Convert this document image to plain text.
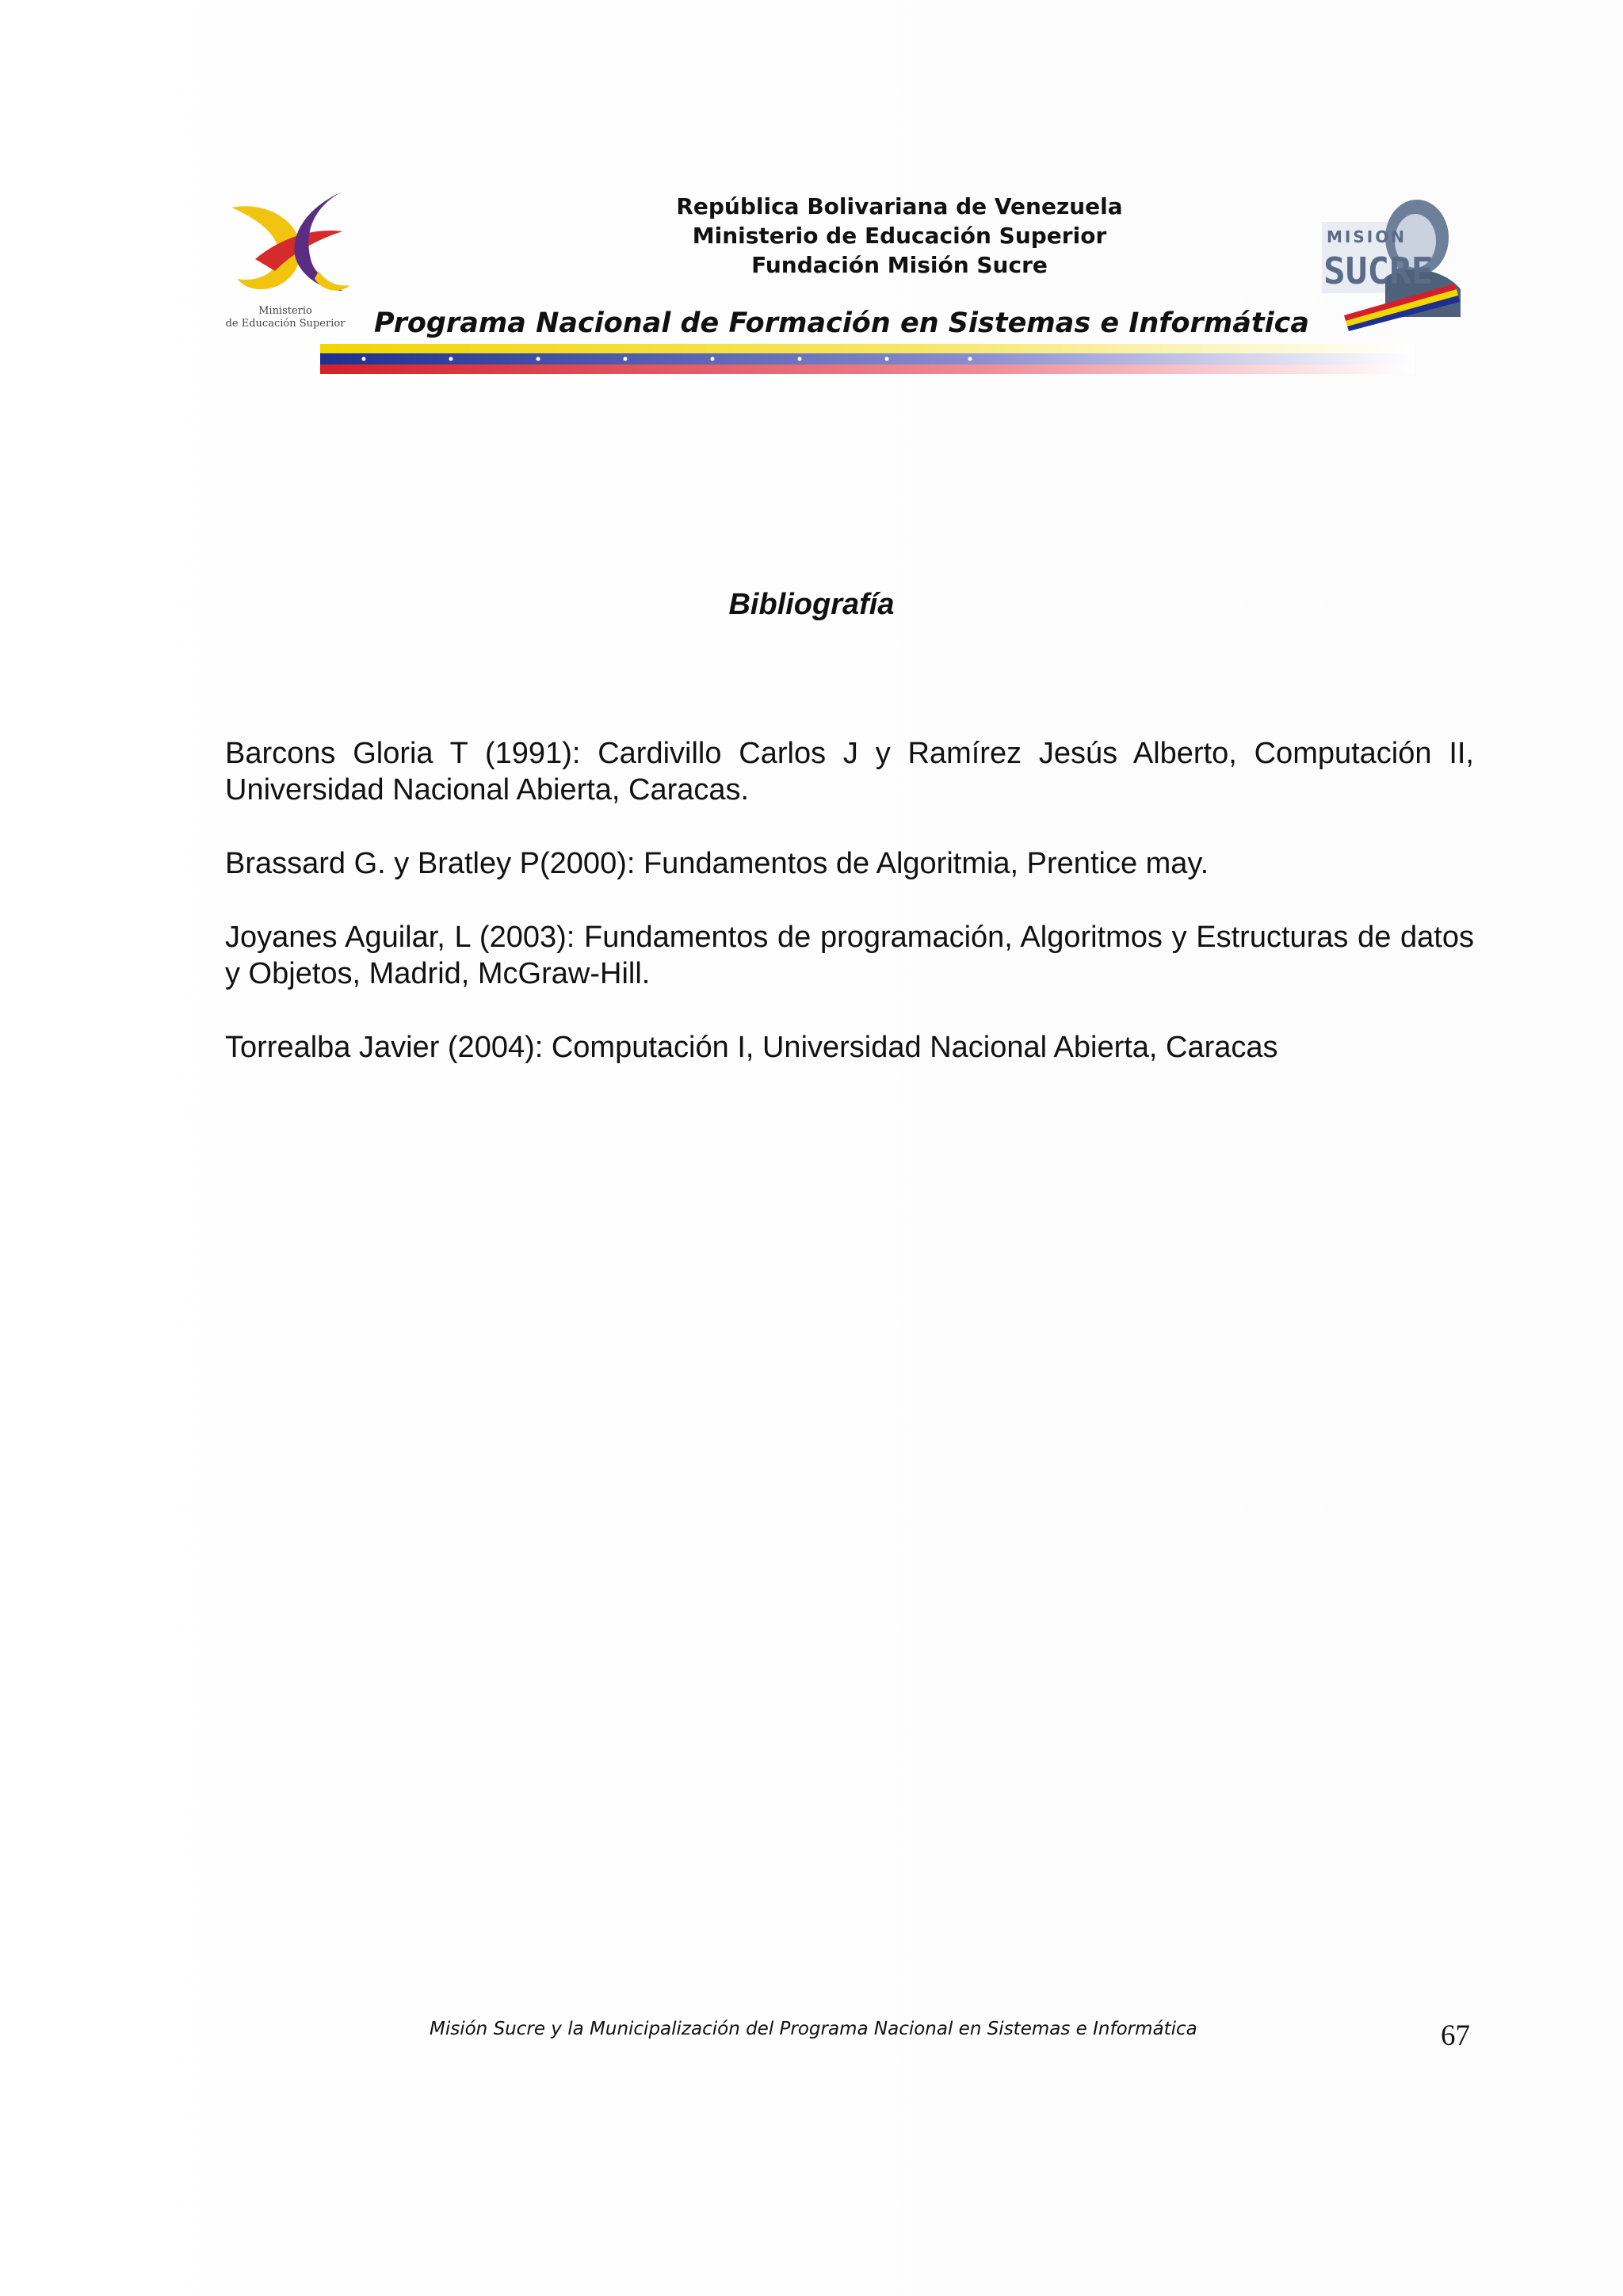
Ministerio
de Educación Superior
República Bolivariana de Venezuela
Ministerio de Educación Superior
Fundación Misión Sucre
MISION
SUCRE
Programa Nacional de Formación en Sistemas e Informática
Bibliografía
Barcons Gloria T (1991): Cardivillo Carlos J y Ramírez Jesús Alberto, Computación II, Universidad Nacional Abierta, Caracas.
Brassard G. y Bratley P(2000): Fundamentos de Algoritmia, Prentice may.
Joyanes Aguilar, L (2003): Fundamentos de programación, Algoritmos y Estructuras de datos y Objetos, Madrid, McGraw-Hill.
Torrealba Javier (2004): Computación I, Universidad Nacional Abierta, Caracas
Misión Sucre y la Municipalización del Programa Nacional en Sistemas e Informática	67
